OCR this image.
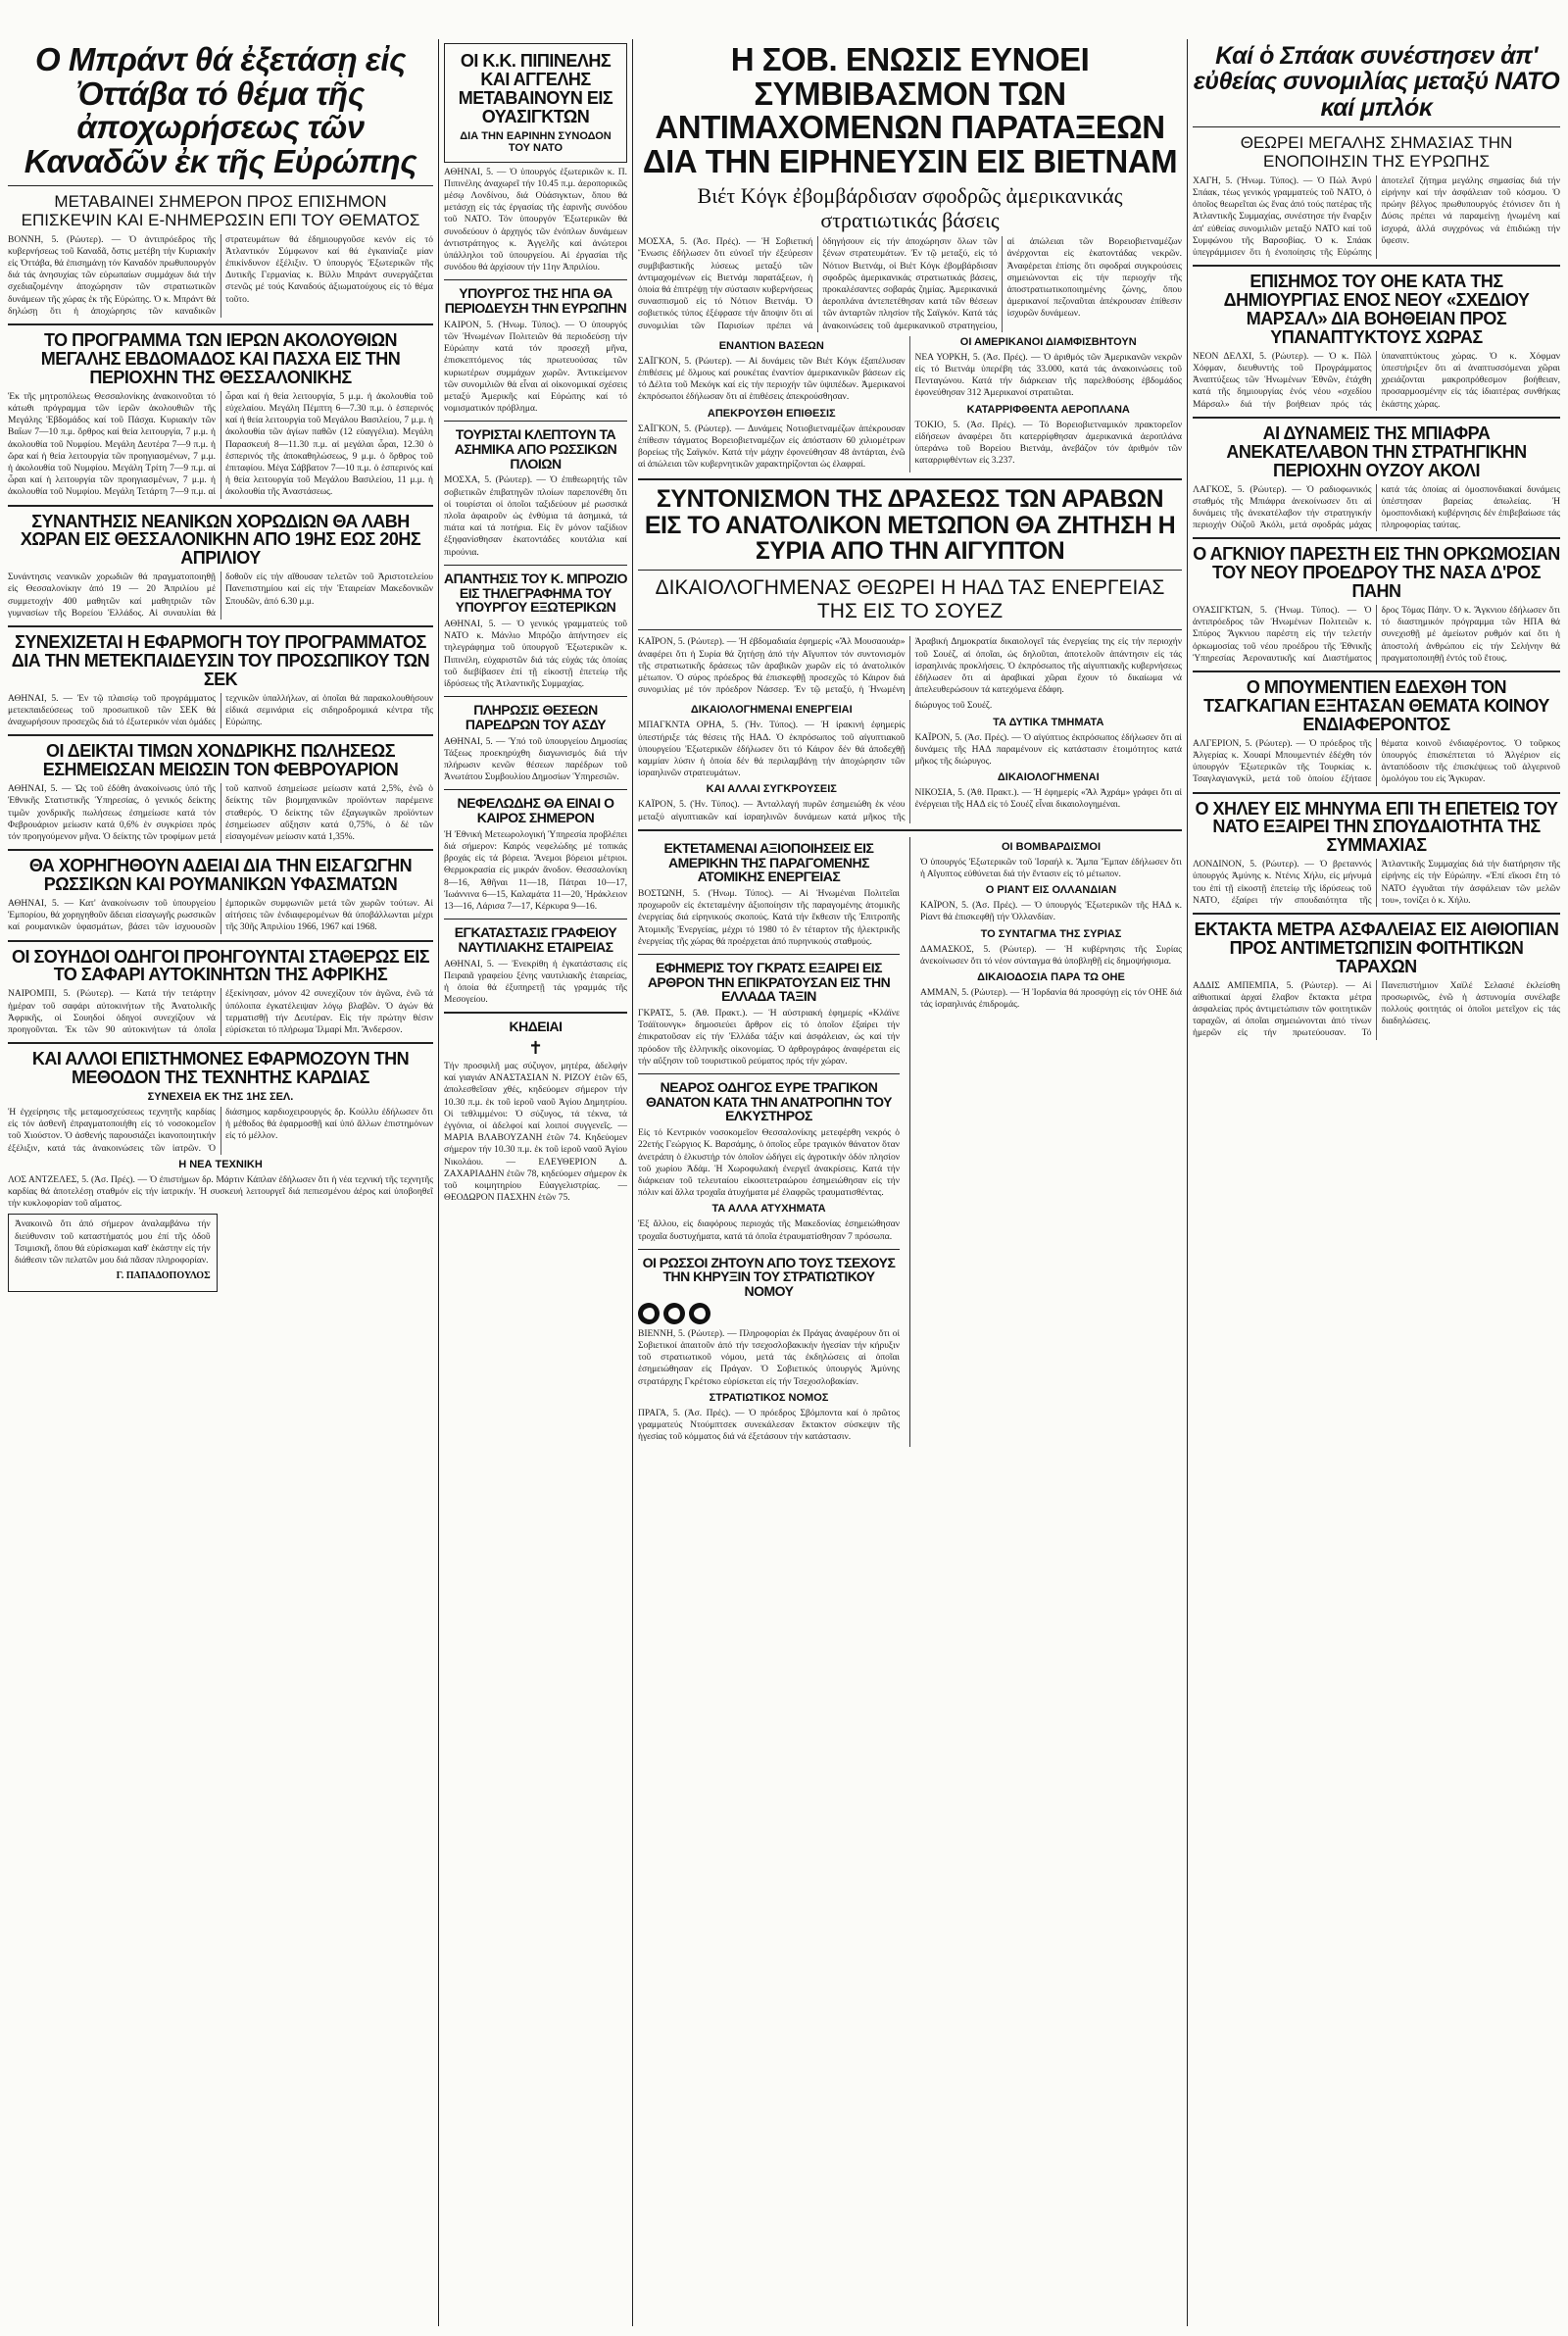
Ο Μπράντ θά ἐξετάσῃ εἰς Ὀττάβα τό θέμα τῆς ἀποχωρήσεως τῶν Καναδῶν ἐκ τῆς Εὐρώπης
ΜΕΤΑΒΑΙΝΕΙ ΣΗΜΕΡΟΝ ΠΡΟΣ ΕΠΙΣΗΜΟΝ ΕΠΙΣΚΕΨΙΝ ΚΑΙ Ε-ΝΗΜΕΡΩΣΙΝ ΕΠΙ ΤΟΥ ΘΕΜΑΤΟΣ
ΒΟΝΝΗ, 5. (Ρώυτερ). — Ὁ ἀντιπρόεδρος τῆς κυβερνήσεως τοῦ Καναδᾶ, ὅστις μετέβη τήν Κυριακήν εἰς Ὀττάβα, θά ἐπισημάνῃ τόν Καναδόν πρωθυπουργόν διά τάς ἀνησυχίας τῶν εὐρωπαίων συμμάχων διά τήν σχεδιαζομένην ἀποχώρησιν τῶν στρατιωτικῶν δυνάμεων τῆς χώρας ἐκ τῆς Εὐρώπης. Ὁ κ. Μπράντ θά δηλώσῃ ὅτι ἡ ἀποχώρησις τῶν καναδικῶν στρατευμάτων θά ἐδημιουργοῦσε κενόν εἰς τό Ἀτλαντικόν Σύμφωνον καί θά ἐγκαινίαζε μίαν ἐπικίνδυνον ἐξέλιξιν. Ὁ ὑπουργός Ἐξωτερικῶν τῆς Δυτικῆς Γερμανίας κ. Βίλλυ Μπράντ συνεργάζεται στενῶς μέ τούς Καναδούς ἀξιωματούχους εἰς τό θέμα τοῦτο.
ΤΟ ΠΡΟΓΡΑΜΜΑ ΤΩΝ ΙΕΡΩΝ ΑΚΟΛΟΥΘΙΩΝ ΜΕΓΑΛΗΣ ΕΒΔΟΜΑΔΟΣ ΚΑΙ ΠΑΣΧΑ ΕΙΣ ΤΗΝ ΠΕΡΙΟΧΗΝ ΤΗΣ ΘΕΣΣΑΛΟΝΙΚΗΣ
Ἐκ τῆς μητροπόλεως Θεσσαλονίκης ἀνακοινοῦται τό κάτωθι πρόγραμμα τῶν ἱερῶν ἀκολουθιῶν τῆς Μεγάλης Ἑβδομάδος καί τοῦ Πάσχα. Κυριακήν τῶν Βαΐων 7—10 π.μ. ὄρθρος καί θεία λειτουργία, 7 μ.μ. ἡ ἀκολουθία τοῦ Νυμφίου. Μεγάλη Δευτέρα 7—9 π.μ. ἡ ὥρα καί ἡ θεία λειτουργία τῶν προηγιασμένων, 7 μ.μ. ἡ ἀκολουθία τοῦ Νυμφίου. Μεγάλη Τρίτη 7—9 π.μ. αἱ ὧραι καί ἡ λειτουργία τῶν προηγιασμένων, 7 μ.μ. ἡ ἀκολουθία τοῦ Νυμφίου. Μεγάλη Τετάρτη 7—9 π.μ. αἱ ὧραι καί ἡ θεία λειτουργία, 5 μ.μ. ἡ ἀκολουθία τοῦ εὐχελαίου. Μεγάλη Πέμπτη 6—7.30 π.μ. ὁ ἑσπερινός καί ἡ θεία λειτουργία τοῦ Μεγάλου Βασιλείου, 7 μ.μ. ἡ ἀκολουθία τῶν ἁγίων παθῶν (12 εὐαγγέλια). Μεγάλη Παρασκευή 8—11.30 π.μ. αἱ μεγάλαι ὧραι, 12.30 ὁ ἑσπερινός τῆς ἀποκαθηλώσεως, 9 μ.μ. ὁ ὄρθρος τοῦ ἐπιταφίου. Μέγα Σάββατον 7—10 π.μ. ὁ ἑσπερινός καί ἡ θεία λειτουργία τοῦ Μεγάλου Βασιλείου, 11 μ.μ. ἡ ἀκολουθία τῆς Ἀναστάσεως.
ΣΥΝΑΝΤΗΣΙΣ ΝΕΑΝΙΚΩΝ ΧΟΡΩΔΙΩΝ ΘΑ ΛΑΒΗ ΧΩΡΑΝ ΕΙΣ ΘΕΣΣΑΛΟΝΙΚΗΝ ΑΠΟ 19ΗΣ ΕΩΣ 20ΗΣ ΑΠΡΙΛΙΟΥ
Συνάντησις νεανικῶν χορωδιῶν θά πραγματοποιηθῇ εἰς Θεσσαλονίκην ἀπό 19 — 20 Ἀπριλίου μέ συμμετοχήν 400 μαθητῶν καί μαθητριῶν τῶν γυμνασίων τῆς Βορείου Ἑλλάδος. Αἱ συναυλίαι θά δοθοῦν εἰς τήν αἴθουσαν τελετῶν τοῦ Ἀριστοτελείου Πανεπιστημίου καί εἰς τήν Ἑταιρείαν Μακεδονικῶν Σπουδῶν, ἀπό 6.30 μ.μ.
ΣΥΝΕΧΙΖΕΤΑΙ Η ΕΦΑΡΜΟΓΗ ΤΟΥ ΠΡΟΓΡΑΜΜΑΤΟΣ ΔΙΑ ΤΗΝ ΜΕΤΕΚΠΑΙΔΕΥΣΙΝ ΤΟΥ ΠΡΟΣΩΠΙΚΟΥ ΤΩΝ ΣΕΚ
ΑΘΗΝΑΙ, 5. — Ἐν τῷ πλαισίῳ τοῦ προγράμματος μετεκπαιδεύσεως τοῦ προσωπικοῦ τῶν ΣΕΚ θά ἀναχωρήσουν προσεχῶς διά τό ἐξωτερικόν νέαι ὁμάδες τεχνικῶν ὑπαλλήλων, αἱ ὁποῖαι θά παρακολουθήσουν εἰδικά σεμινάρια εἰς σιδηροδρομικά κέντρα τῆς Εὐρώπης.
ΟΙ ΔΕΙΚΤΑΙ ΤΙΜΩΝ ΧΟΝΔΡΙΚΗΣ ΠΩΛΗΣΕΩΣ ΕΣΗΜΕΙΩΣΑΝ ΜΕΙΩΣΙΝ ΤΟΝ ΦΕΒΡΟΥΑΡΙΟΝ
ΑΘΗΝΑΙ, 5. — Ὡς τοῦ ἐδόθη ἀνακοίνωσις ὑπό τῆς Ἐθνικῆς Στατιστικῆς Ὑπηρεσίας, ὁ γενικός δείκτης τιμῶν χονδρικῆς πωλήσεως ἐσημείωσε κατά τόν Φεβρουάριον μείωσιν κατά 0,6% ἐν συγκρίσει πρός τόν προηγούμενον μῆνα. Ὁ δείκτης τῶν τροφίμων μετά τοῦ καπνοῦ ἐσημείωσε μείωσιν κατά 2,5%, ἐνῶ ὁ δείκτης τῶν βιομηχανικῶν προϊόντων παρέμεινε σταθερός. Ὁ δείκτης τῶν ἐξαγωγικῶν προϊόντων ἐσημείωσεν αὔξησιν κατά 0,75%, ὁ δέ τῶν εἰσαγομένων μείωσιν κατά 1,35%.
ΘΑ ΧΟΡΗΓΗΘΟΥΝ ΑΔΕΙΑΙ ΔΙΑ ΤΗΝ ΕΙΣΑΓΩΓΗΝ ΡΩΣΣΙΚΩΝ ΚΑΙ ΡΟΥΜΑΝΙΚΩΝ ΥΦΑΣΜΑΤΩΝ
ΑΘΗΝΑΙ, 5. — Κατ' ἀνακοίνωσιν τοῦ ὑπουργείου Ἐμπορίου, θά χορηγηθοῦν ἄδειαι εἰσαγωγῆς ρωσσικῶν καί ρουμανικῶν ὑφασμάτων, βάσει τῶν ἰσχυουσῶν ἐμπορικῶν συμφωνιῶν μετά τῶν χωρῶν τούτων. Αἱ αἰτήσεις τῶν ἐνδιαφερομένων θά ὑποβάλλωνται μέχρι τῆς 30ῆς Ἀπριλίου 1966, 1967 καί 1968.
ΟΙ ΣΟΥΗΔΟΙ ΟΔΗΓΟΙ ΠΡΟΗΓΟΥΝΤΑΙ ΣΤΑΘΕΡΩΣ ΕΙΣ ΤΟ ΣΑΦΑΡΙ ΑΥΤΟΚΙΝΗΤΩΝ ΤΗΣ ΑΦΡΙΚΗΣ
ΝΑΙΡΟΜΠΙ, 5. (Ρώυτερ). — Κατά τήν τετάρτην ἡμέραν τοῦ σαφάρι αὐτοκινήτων τῆς Ἀνατολικῆς Ἀφρικῆς, οἱ Σουηδοί ὁδηγοί συνεχίζουν νά προηγοῦνται. Ἐκ τῶν 90 αὐτοκινήτων τά ὁποῖα ἐξεκίνησαν, μόνον 42 συνεχίζουν τόν ἀγῶνα, ἐνῶ τά ὑπόλοιπα ἐγκατέλειψαν λόγῳ βλαβῶν. Ὁ ἀγών θά τερματισθῇ τήν Δευτέραν. Εἰς τήν πρώτην θέσιν εὑρίσκεται τό πλήρωμα Ἰλμαρί Μπ. Ἄνδερσον.
ΚΑΙ ΑΛΛΟΙ ΕΠΙΣΤΗΜΟΝΕΣ ΕΦΑΡΜΟΖΟΥΝ ΤΗΝ ΜΕΘΟΔΟΝ ΤΗΣ ΤΕΧΝΗΤΗΣ ΚΑΡΔΙΑΣ
ΣΥΝΕΧΕΙΑ ΕΚ ΤΗΣ 1ΗΣ ΣΕΛ.
Ἡ ἐγχείρησις τῆς μεταμοσχεύσεως τεχνητῆς καρδίας εἰς τόν ἀσθενῆ ἐπραγματοποιήθη εἰς τό νοσοκομεῖον τοῦ Χιούστον. Ὁ ἀσθενής παρουσιάζει ἱκανοποιητικήν ἐξέλιξιν, κατά τάς ἀνακοινώσεις τῶν ἰατρῶν. Ὁ διάσημος καρδιοχειρουργός δρ. Κούλλυ ἐδήλωσεν ὅτι ἡ μέθοδος θά ἐφαρμοσθῇ καί ὑπό ἄλλων ἐπιστημόνων εἰς τό μέλλον.
Η ΝΕΑ ΤΕΧΝΙΚΗ
ΛΟΣ ΑΝΤΖΕΛΕΣ, 5. (Ἀσ. Πρές). — Ὁ ἐπιστήμων δρ. Μάρτιν Κάπλαν ἐδήλωσεν ὅτι ἡ νέα τεχνική τῆς τεχνητῆς καρδίας θά ἀποτελέσῃ σταθμόν εἰς τήν ἰατρικήν. Ἡ συσκευή λειτουργεῖ διά πεπιεσμένου ἀέρος καί ὑποβοηθεῖ τήν κυκλοφορίαν τοῦ αἵματος.
Ἀνακοινῶ ὅτι ἀπό σήμερον ἀναλαμβάνω τήν διεύθυνσιν τοῦ καταστήματός μου ἐπί τῆς ὁδοῦ Τσιμισκῆ, ὅπου θά εὑρίσκωμαι καθ' ἑκάστην εἰς τήν διάθεσιν τῶν πελατῶν μου διά πᾶσαν πληροφορίαν.
Γ. ΠΑΠΑΔΟΠΟΥΛΟΣ
ΟΙ Κ.Κ. ΠΙΠΙΝΕΛΗΣ ΚΑΙ ΑΓΓΕΛΗΣ ΜΕΤΑΒΑΙΝΟΥΝ ΕΙΣ ΟΥΑΣΙΓΚΤΩΝ
ΔΙΑ ΤΗΝ ΕΑΡΙΝΗΝ ΣΥΝΟΔΟΝ ΤΟΥ ΝΑΤΟ
ΑΘΗΝΑΙ, 5. — Ὁ ὑπουργός ἐξωτερικῶν κ. Π. Πιπινέλης ἀναχωρεῖ τήν 10.45 π.μ. ἀεροπορικῶς μέσῳ Λονδίνου, διά Οὐάσιγκτων, ὅπου θά μετάσχῃ εἰς τάς ἐργασίας τῆς ἐαρινῆς συνόδου τοῦ ΝΑΤΟ. Τόν ὑπουργόν Ἐξωτερικῶν θά συνοδεύουν ὁ ἀρχηγός τῶν ἐνόπλων δυνάμεων ἀντιστράτηγος κ. Ἀγγελῆς καί ἀνώτεροι ὑπάλληλοι τοῦ ὑπουργείου. Αἱ ἐργασίαι τῆς συνόδου θά ἀρχίσουν τήν 11ην Ἀπριλίου.
ΥΠΟΥΡΓΟΣ ΤΗΣ ΗΠΑ ΘΑ ΠΕΡΙΟΔΕΥΣΗ ΤΗΝ ΕΥΡΩΠΗΝ
ΚΑΙΡΟΝ, 5. (Ἡνωμ. Τύπος). — Ὁ ὑπουργός τῶν Ἡνωμένων Πολιτειῶν θά περιοδεύσῃ τήν Εὐρώπην κατά τόν προσεχῆ μῆνα, ἐπισκεπτόμενος τάς πρωτευούσας τῶν κυριωτέρων συμμάχων χωρῶν. Ἀντικείμενον τῶν συνομιλιῶν θά εἶναι αἱ οἰκονομικαί σχέσεις μεταξύ Ἀμερικῆς καί Εὐρώπης καί τό νομισματικόν πρόβλημα.
ΤΟΥΡΙΣΤΑΙ ΚΛΕΠΤΟΥΝ ΤΑ ΑΣΗΜΙΚΑ ΑΠΟ ΡΩΣΣΙΚΩΝ ΠΛΟΙΩΝ
ΜΟΣΧΑ, 5. (Ρώυτερ). — Ὁ ἐπιθεωρητής τῶν σοβιετικῶν ἐπιβατηγῶν πλοίων παρεπονέθη ὅτι οἱ τουρίσται οἱ ὁποῖοι ταξιδεύουν μέ ρωσσικά πλοῖα ἀφαιροῦν ὡς ἐνθύμια τά ἀσημικά, τά πιάτα καί τά ποτήρια. Εἰς ἓν μόνον ταξίδιον ἐξηφανίσθησαν ἑκατοντάδες κουτάλια καί πιρούνια.
ΑΠΑΝΤΗΣΙΣ ΤΟΥ Κ. ΜΠΡΟΖΙΟ ΕΙΣ ΤΗΛΕΓΡΑΦΗΜΑ ΤΟΥ ΥΠΟΥΡΓΟΥ ΕΞΩΤΕΡΙΚΩΝ
ΑΘΗΝΑΙ, 5. — Ὁ γενικός γραμματεύς τοῦ ΝΑΤΟ κ. Μάνλιο Μπρόζιο ἀπήντησεν εἰς τηλεγράφημα τοῦ ὑπουργοῦ Ἐξωτερικῶν κ. Πιπινέλη, εὐχαριστῶν διά τάς εὐχάς τάς ὁποίας τοῦ διεβίβασεν ἐπί τῇ εἰκοστῇ ἐπετείῳ τῆς ἱδρύσεως τῆς Ἀτλαντικῆς Συμμαχίας.
ΠΛΗΡΩΣΙΣ ΘΕΣΕΩΝ ΠΑΡΕΔΡΩΝ ΤΟΥ ΑΣΔΥ
ΑΘΗΝΑΙ, 5. — Ὑπό τοῦ ὑπουργείου Δημοσίας Τάξεως προεκηρύχθη διαγωνισμός διά τήν πλήρωσιν κενῶν θέσεων παρέδρων τοῦ Ἀνωτάτου Συμβουλίου Δημοσίων Ὑπηρεσιῶν.
ΝΕΦΕΛΩΔΗΣ ΘΑ ΕΙΝΑΙ Ο ΚΑΙΡΟΣ ΣΗΜΕΡΟΝ
Ἡ Ἐθνική Μετεωρολογική Ὑπηρεσία προβλέπει διά σήμερον: Καιρός νεφελώδης μέ τοπικάς βροχάς εἰς τά βόρεια. Ἄνεμοι βόρειοι μέτριοι. Θερμοκρασία εἰς μικράν ἄνοδον. Θεσσαλονίκη 8—16, Ἀθῆναι 11—18, Πάτραι 10—17, Ἰωάννινα 6—15, Καλαμάτα 11—20, Ἡράκλειον 13—16, Λάρισα 7—17, Κέρκυρα 9—16.
ΕΓΚΑΤΑΣΤΑΣΙΣ ΓΡΑΦΕΙΟΥ ΝΑΥΤΙΛΙΑΚΗΣ ΕΤΑΙΡΕΙΑΣ
ΑΘΗΝΑΙ, 5. — Ἐνεκρίθη ἡ ἐγκατάστασις εἰς Πειραιᾶ γραφείου ξένης ναυτιλιακῆς ἐταιρείας, ἡ ὁποία θά ἐξυπηρετῇ τάς γραμμάς τῆς Μεσογείου.
ΚΗΔΕΙΑΙ
✝
Τήν προσφιλῆ μας σύζυγον, μητέρα, ἀδελφήν καί γιαγιάν ΑΝΑΣΤΑΣΙΑΝ Ν. ΡΙΖΟΥ ἐτῶν 65, ἀπολεσθεῖσαν χθές, κηδεύομεν σήμερον τήν 10.30 π.μ. ἐκ τοῦ ἱεροῦ ναοῦ Ἁγίου Δημητρίου. Οἱ τεθλιμμένοι: Ὁ σύζυγος, τά τέκνα, τά ἐγγόνια, οἱ ἀδελφοί καί λοιποί συγγενεῖς. — ΜΑΡΙΑ ΒΛΑΒΟΥΖΑΝΗ ἐτῶν 74. Κηδεύομεν σήμερον τήν 10.30 π.μ. ἐκ τοῦ ἱεροῦ ναοῦ Ἁγίου Νικολάου. — ΕΛΕΥΘΕΡΙΟΝ Δ. ΖΑΧΑΡΙΑΔΗΝ ἐτῶν 78, κηδεύομεν σήμερον ἐκ τοῦ κοιμητηρίου Εὐαγγελιστρίας. — ΘΕΟΔΩΡΟΝ ΠΑΣΧΗΝ ἐτῶν 75.
Η ΣΟΒ. ΕΝΩΣΙΣ ΕΥΝΟΕΙ ΣΥΜΒΙΒΑΣΜΟΝ ΤΩΝ ΑΝΤΙΜΑΧΟΜΕΝΩΝ ΠΑΡΑΤΑΞΕΩΝ ΔΙΑ ΤΗΝ ΕΙΡΗΝΕΥΣΙΝ ΕΙΣ ΒΙΕΤΝΑΜ
Βιέτ Κόγκ ἐβομβάρδισαν σφοδρῶς ἀμερικανικάς στρατιωτικάς βάσεις
ΜΟΣΧΑ, 5. (Ἀσ. Πρές). — Ἡ Σοβιετική Ἕνωσις ἐδήλωσεν ὅτι εὐνοεῖ τήν ἐξεύρεσιν συμβιβαστικῆς λύσεως μεταξύ τῶν ἀντιμαχομένων εἰς Βιετνάμ παρατάξεων, ἡ ὁποία θά ἐπιτρέψῃ τήν σύστασιν κυβερνήσεως συνασπισμοῦ εἰς τό Νότιον Βιετνάμ. Ὁ σοβιετικός τύπος ἐξέφρασε τήν ἄποψιν ὅτι αἱ συνομιλίαι τῶν Παρισίων πρέπει νά ὁδηγήσουν εἰς τήν ἀποχώρησιν ὅλων τῶν ξένων στρατευμάτων. Ἐν τῷ μεταξύ, εἰς τό Νότιον Βιετνάμ, οἱ Βιέτ Κόγκ ἐβομβάρδισαν σφοδρῶς ἀμερικανικάς στρατιωτικάς βάσεις, προκαλέσαντες σοβαράς ζημίας. Ἀμερικανικά ἀεροπλάνα ἀντεπετέθησαν κατά τῶν θέσεων τῶν ἀνταρτῶν πλησίον τῆς Σαϊγκόν. Κατά τάς ἀνακοινώσεις τοῦ ἀμερικανικοῦ στρατηγείου, αἱ ἀπώλειαι τῶν Βορειοβιετναμέζων ἀνέρχονται εἰς ἑκατοντάδας νεκρῶν. Ἀναφέρεται ἐπίσης ὅτι σφοδραί συγκρούσεις σημειώνονται εἰς τήν περιοχήν τῆς ἀποστρατιωτικοποιημένης ζώνης, ὅπου ἀμερικανοί πεζοναῦται ἀπέκρουσαν ἐπίθεσιν ἰσχυρῶν δυνάμεων.
ΕΝΑΝΤΙΟΝ ΒΑΣΕΩΝ
ΣΑΪΓΚΟΝ, 5. (Ρώυτερ). — Αἱ δυνάμεις τῶν Βιέτ Κόγκ ἐξαπέλυσαν ἐπιθέσεις μέ ὅλμους καί ρουκέτας ἐναντίον ἀμερικανικῶν βάσεων εἰς τό Δέλτα τοῦ Μεκόγκ καί εἰς τήν περιοχήν τῶν ὑψιπέδων. Ἀμερικανοί ἐκπρόσωποι ἐδήλωσαν ὅτι αἱ ἐπιθέσεις ἀπεκρούσθησαν.
ΑΠΕΚΡΟΥΣΘΗ ΕΠΙΘΕΣΙΣ
ΣΑΪΓΚΟΝ, 5. (Ρώυτερ). — Δυνάμεις Νοτιοβιετναμέζων ἀπέκρουσαν ἐπίθεσιν τάγματος Βορειοβιετναμέζων εἰς ἀπόστασιν 60 χιλιομέτρων βορείως τῆς Σαϊγκόν. Κατά τήν μάχην ἐφονεύθησαν 48 ἀντάρται, ἐνῶ αἱ ἀπώλειαι τῶν κυβερνητικῶν χαρακτηρίζονται ὡς ἐλαφραί.
ΟΙ ΑΜΕΡΙΚΑΝΟΙ ΔΙΑΜΦΙΣΒΗΤΟΥΝ
ΝΕΑ ΥΟΡΚΗ, 5. (Ἀσ. Πρές). — Ὁ ἀριθμός τῶν Ἀμερικανῶν νεκρῶν εἰς τό Βιετνάμ ὑπερέβη τάς 33.000, κατά τάς ἀνακοινώσεις τοῦ Πενταγώνου. Κατά τήν διάρκειαν τῆς παρελθούσης ἑβδομάδος ἐφονεύθησαν 312 Ἀμερικανοί στρατιῶται.
ΚΑΤΑΡΡΙΦΘΕΝΤΑ ΑΕΡΟΠΛΑΝΑ
ΤΟΚΙΟ, 5. (Ἀσ. Πρές). — Τό Βορειοβιετναμικόν πρακτορεῖον εἰδήσεων ἀναφέρει ὅτι κατερρίφθησαν ἀμερικανικά ἀεροπλάνα ὑπεράνω τοῦ Βορείου Βιετνάμ, ἀνεβάζον τόν ἀριθμόν τῶν καταρριφθέντων εἰς 3.237.
ΣΥΝΤΟΝΙΣΜΟΝ ΤΗΣ ΔΡΑΣΕΩΣ ΤΩΝ ΑΡΑΒΩΝ ΕΙΣ ΤΟ ΑΝΑΤΟΛΙΚΟΝ ΜΕΤΩΠΟΝ ΘΑ ΖΗΤΗΣΗ Η ΣΥΡΙΑ ΑΠΟ ΤΗΝ ΑΙΓΥΠΤΟΝ
ΔΙΚΑΙΟΛΟΓΗΜΕΝΑΣ ΘΕΩΡΕΙ Η ΗΑΔ ΤΑΣ ΕΝΕΡΓΕΙΑΣ ΤΗΣ ΕΙΣ ΤΟ ΣΟΥΕΖ
ΚΑΪΡΟΝ, 5. (Ρώυτερ). — Ἡ ἐβδομαδιαία ἐφημερίς «Ἄλ Μουσαουάρ» ἀναφέρει ὅτι ἡ Συρία θά ζητήσῃ ἀπό τήν Αἴγυπτον τόν συντονισμόν τῆς στρατιωτικῆς δράσεως τῶν ἀραβικῶν χωρῶν εἰς τό ἀνατολικόν μέτωπον. Ὁ σύρος πρόεδρος θά ἐπισκεφθῇ προσεχῶς τό Κάιρον διά συνομιλίας μέ τόν πρόεδρον Νάσσερ. Ἐν τῷ μεταξύ, ἡ Ἡνωμένη Ἀραβική Δημοκρατία δικαιολογεῖ τάς ἐνεργείας της εἰς τήν περιοχήν τοῦ Σουέζ, αἱ ὁποῖαι, ὡς δηλοῦται, ἀποτελοῦν ἀπάντησιν εἰς τάς ἰσραηλινάς προκλήσεις. Ὁ ἐκπρόσωπος τῆς αἰγυπτιακῆς κυβερνήσεως ἐδήλωσεν ὅτι αἱ ἀραβικαί χῶραι ἔχουν τό δικαίωμα νά ἀπελευθερώσουν τά κατεχόμενα ἐδάφη.
ΔΙΚΑΙΟΛΟΓΗΜΕΝΑΙ ΕΝΕΡΓΕΙΑΙ
ΜΠΑΓΚΝΤΑ ΟΡΗΑ, 5. (Ἡν. Τύπος). — Ἡ ἰρακινή ἐφημερίς ὑπεστήριξε τάς θέσεις τῆς ΗΑΔ. Ὁ ἐκπρόσωπος τοῦ αἰγυπτιακοῦ ὑπουργείου Ἐξωτερικῶν ἐδήλωσεν ὅτι τό Κάιρον δέν θά ἀποδεχθῇ καμμίαν λύσιν ἡ ὁποία δέν θά περιλαμβάνῃ τήν ἀποχώρησιν τῶν ἰσραηλινῶν στρατευμάτων.
ΚΑΙ ΑΛΛΑΙ ΣΥΓΚΡΟΥΣΕΙΣ
ΚΑΪΡΟΝ, 5. (Ἡν. Τύπος). — Ἀνταλλαγή πυρῶν ἐσημειώθη ἐκ νέου μεταξύ αἰγυπτιακῶν καί ἰσραηλινῶν δυνάμεων κατά μῆκος τῆς διώρυγος τοῦ Σουέζ.
ΤΑ ΔΥΤΙΚΑ ΤΜΗΜΑΤΑ
ΚΑΪΡΟΝ, 5. (Ἀσ. Πρές). — Ὁ αἰγύπτιος ἐκπρόσωπος ἐδήλωσεν ὅτι αἱ δυνάμεις τῆς ΗΑΔ παραμένουν εἰς κατάστασιν ἑτοιμότητος κατά μῆκος τῆς διώρυγος.
ΔΙΚΑΙΟΛΟΓΗΜΕΝΑΙ
ΝΙΚΟΣΙΑ, 5. (Ἀθ. Πρακτ.). — Ἡ ἐφημερίς «Ἄλ Ἀχράμ» γράφει ὅτι αἱ ἐνέργειαι τῆς ΗΑΔ εἰς τό Σουέζ εἶναι δικαιολογημέναι.
ΕΚΤΕΤΑΜΕΝΑΙ ΑΞΙΟΠΟΙΗΣΕΙΣ ΕΙΣ ΑΜΕΡΙΚΗΝ ΤΗΣ ΠΑΡΑΓΟΜΕΝΗΣ ΑΤΟΜΙΚΗΣ ΕΝΕΡΓΕΙΑΣ
ΒΟΣΤΩΝΗ, 5. (Ἡνωμ. Τύπος). — Αἱ Ἡνωμέναι Πολιτεῖαι προχωροῦν εἰς ἐκτεταμένην ἀξιοποίησιν τῆς παραγομένης ἀτομικῆς ἐνεργείας διά εἰρηνικούς σκοπούς. Κατά τήν ἔκθεσιν τῆς Ἐπιτροπῆς Ἀτομικῆς Ἐνεργείας, μέχρι τό 1980 τό ἓν τέταρτον τῆς ἠλεκτρικῆς ἐνεργείας τῆς χώρας θά προέρχεται ἀπό πυρηνικούς σταθμούς.
ΕΦΗΜΕΡΙΣ ΤΟΥ ΓΚΡΑΤΣ ΕΞΑΙΡΕΙ ΕΙΣ ΑΡΘΡΟΝ ΤΗΝ ΕΠΙΚΡΑΤΟΥΣΑΝ ΕΙΣ ΤΗΝ ΕΛΛΑΔΑ ΤΑΞΙΝ
ΓΚΡΑΤΣ, 5. (Ἀθ. Πρακτ.). — Ἡ αὐστριακή ἐφημερίς «Κλάϊνε Τσάϊτουνγκ» δημοσιεύει ἄρθρον εἰς τό ὁποῖον ἐξαίρει τήν ἐπικρατοῦσαν εἰς τήν Ἑλλάδα τάξιν καί ἀσφάλειαν, ὡς καί τήν πρόοδον τῆς ἑλληνικῆς οἰκονομίας. Ὁ ἀρθρογράφος ἀναφέρεται εἰς τήν αὔξησιν τοῦ τουριστικοῦ ρεύματος πρός τήν χώραν.
ΝΕΑΡΟΣ ΟΔΗΓΟΣ ΕΥΡΕ ΤΡΑΓΙΚΟΝ ΘΑΝΑΤΟΝ ΚΑΤΑ ΤΗΝ ΑΝΑΤΡΟΠΗΝ ΤΟΥ ΕΛΚΥΣΤΗΡΟΣ
Εἰς τό Κεντρικόν νοσοκομεῖον Θεσσαλονίκης μετεφέρθη νεκρός ὁ 22ετής Γεώργιος Κ. Βαρσάμης, ὁ ὁποῖος εὗρε τραγικόν θάνατον ὅταν ἀνετράπη ὁ ἑλκυστήρ τόν ὁποῖον ὡδήγει εἰς ἀγροτικήν ὁδόν πλησίον τοῦ χωρίου Ἀδάμ. Ἡ Χωροφυλακή ἐνεργεῖ ἀνακρίσεις. Κατά τήν διάρκειαν τοῦ τελευταίου εἰκοσιτετραώρου ἐσημειώθησαν εἰς τήν πόλιν καί ἄλλα τροχαῖα ἀτυχήματα μέ ἐλαφρῶς τραυματισθέντας.
ΤΑ ΑΛΛΑ ΑΤΥΧΗΜΑΤΑ
Ἐξ ἄλλου, εἰς διαφόρους περιοχάς τῆς Μακεδονίας ἐσημειώθησαν τροχαῖα δυστυχήματα, κατά τά ὁποῖα ἐτραυματίσθησαν 7 πρόσωπα.
ΟΙ ΡΩΣΣΟΙ ΖΗΤΟΥΝ ΑΠΟ ΤΟΥΣ ΤΣΕΧΟΥΣ ΤΗΝ ΚΗΡΥΞΙΝ ΤΟΥ ΣΤΡΑΤΙΩΤΙΚΟΥ ΝΟΜΟΥ
ΒΙΕΝΝΗ, 5. (Ρώυτερ). — Πληροφορίαι ἐκ Πράγας ἀναφέρουν ὅτι οἱ Σοβιετικοί ἀπαιτοῦν ἀπό τήν τσεχοσλοβακικήν ἡγεσίαν τήν κήρυξιν τοῦ στρατιωτικοῦ νόμου, μετά τάς ἐκδηλώσεις αἱ ὁποῖαι ἐσημειώθησαν εἰς Πράγαν. Ὁ Σοβιετικός ὑπουργός Ἀμύνης στρατάρχης Γκρέτσκο εὑρίσκεται εἰς τήν Τσεχοσλοβακίαν.
ΣΤΡΑΤΙΩΤΙΚΟΣ ΝΟΜΟΣ
ΠΡΑΓΑ, 5. (Ἀσ. Πρές). — Ὁ πρόεδρος Σβόμποντα καί ὁ πρῶτος γραμματεύς Ντούμπτσεκ συνεκάλεσαν ἔκτακτον σύσκεψιν τῆς ἡγεσίας τοῦ κόμματος διά νά ἐξετάσουν τήν κατάστασιν.
ΟΙ ΒΟΜΒΑΡΔΙΣΜΟΙ
Ὁ ὑπουργός Ἐξωτερικῶν τοῦ Ἰσραήλ κ. Ἄμπα Ἔμπαν ἐδήλωσεν ὅτι ἡ Αἴγυπτος εὐθύνεται διά τήν ἔντασιν εἰς τό μέτωπον.
Ο ΡΙΑΝΤ ΕΙΣ ΟΛΛΑΝΔΙΑΝ
ΚΑΪΡΟΝ, 5. (Ἀσ. Πρές). — Ὁ ὑπουργός Ἐξωτερικῶν τῆς ΗΑΔ κ. Ρίαντ θά ἐπισκεφθῇ τήν Ὁλλανδίαν.
ΤΟ ΣΥΝΤΑΓΜΑ ΤΗΣ ΣΥΡΙΑΣ
ΔΑΜΑΣΚΟΣ, 5. (Ρώυτερ). — Ἡ κυβέρνησις τῆς Συρίας ἀνεκοίνωσεν ὅτι τό νέον σύνταγμα θά ὑποβληθῇ εἰς δημοψήφισμα.
ΔΙΚΑΙΟΔΟΣΙΑ ΠΑΡΑ ΤΩ ΟΗΕ
ΑΜΜΑΝ, 5. (Ρώυτερ). — Ἡ Ἰορδανία θά προσφύγῃ εἰς τόν ΟΗΕ διά τάς ἰσραηλινάς ἐπιδρομάς.
Καί ὁ Σπάακ συνέστησεν ἀπ' εὐθείας συνομιλίας μεταξύ ΝΑΤΟ καί μπλόκ
ΘΕΩΡΕΙ ΜΕΓΑΛΗΣ ΣΗΜΑΣΙΑΣ ΤΗΝ ΕΝΟΠΟΙΗΣΙΝ ΤΗΣ ΕΥΡΩΠΗΣ
ΧΑΓΗ, 5. (Ἡνωμ. Τύπος). — Ὁ Πώλ Ἀνρύ Σπάακ, τέως γενικός γραμματεύς τοῦ ΝΑΤΟ, ὁ ὁποῖος θεωρεῖται ὡς ἕνας ἀπό τούς πατέρας τῆς Ἀτλαντικῆς Συμμαχίας, συνέστησε τήν ἔναρξιν ἀπ' εὐθείας συνομιλιῶν μεταξύ ΝΑΤΟ καί τοῦ Συμφώνου τῆς Βαρσοβίας. Ὁ κ. Σπάακ ὑπεγράμμισεν ὅτι ἡ ἐνοποίησις τῆς Εὐρώπης ἀποτελεῖ ζήτημα μεγάλης σημασίας διά τήν εἰρήνην καί τήν ἀσφάλειαν τοῦ κόσμου. Ὁ πρώην βέλγος πρωθυπουργός ἐτόνισεν ὅτι ἡ Δύσις πρέπει νά παραμείνῃ ἡνωμένη καί ἰσχυρά, ἀλλά συγχρόνως νά ἐπιδιώκῃ τήν ὕφεσιν.
ΕΠΙΣΗΜΟΣ ΤΟΥ ΟΗΕ ΚΑΤΑ ΤΗΣ ΔΗΜΙΟΥΡΓΙΑΣ ΕΝΟΣ ΝΕΟΥ «ΣΧΕΔΙΟΥ ΜΑΡΣΑΛ» ΔΙΑ ΒΟΗΘΕΙΑΝ ΠΡΟΣ ΥΠΑΝΑΠΤΥΚΤΟΥΣ ΧΩΡΑΣ
ΝΕΟΝ ΔΕΛΧΙ, 5. (Ρώυτερ). — Ὁ κ. Πῶλ Χόφμαν, διευθυντής τοῦ Προγράμματος Ἀναπτύξεως τῶν Ἡνωμένων Ἐθνῶν, ἐτάχθη κατά τῆς δημιουργίας ἑνός νέου «σχεδίου Μάρσαλ» διά τήν βοήθειαν πρός τάς ὑπαναπτύκτους χώρας. Ὁ κ. Χόφμαν ὑπεστήριξεν ὅτι αἱ ἀναπτυσσόμεναι χῶραι χρειάζονται μακροπρόθεσμον βοήθειαν, προσαρμοσμένην εἰς τάς ἰδιαιτέρας συνθήκας ἑκάστης χώρας.
ΑΙ ΔΥΝΑΜΕΙΣ ΤΗΣ ΜΠΙΑΦΡΑ ΑΝΕΚΑΤΕΛΑΒΟΝ ΤΗΝ ΣΤΡΑΤΗΓΙΚΗΝ ΠΕΡΙΟΧΗΝ ΟΥΖΟΥ ΑΚΟΛΙ
ΛΑΓΚΟΣ, 5. (Ρώυτερ). — Ὁ ραδιοφωνικός σταθμός τῆς Μπιάφρα ἀνεκοίνωσεν ὅτι αἱ δυνάμεις τῆς ἀνεκατέλαβον τήν στρατηγικήν περιοχήν Οὐζοῦ Ἀκόλι, μετά σφοδράς μάχας κατά τάς ὁποίας αἱ ὁμοσπονδιακαί δυνάμεις ὑπέστησαν βαρείας ἀπωλείας. Ἡ ὁμοσπονδιακή κυβέρνησις δέν ἐπιβεβαίωσε τάς πληροφορίας ταύτας.
Ο ΑΓΚΝΙΟΥ ΠΑΡΕΣΤΗ ΕΙΣ ΤΗΝ ΟΡΚΩΜΟΣΙΑΝ ΤΟΥ ΝΕΟΥ ΠΡΟΕΔΡΟΥ ΤΗΣ ΝΑΣΑ Δ'ΡΟΣ ΠΑΗΝ
ΟΥΑΣΙΓΚΤΩΝ, 5. (Ἡνωμ. Τύπος). — Ὁ ἀντιπρόεδρος τῶν Ἡνωμένων Πολιτειῶν κ. Σπύρος Ἄγκνιου παρέστη εἰς τήν τελετήν ὁρκωμοσίας τοῦ νέου προέδρου τῆς Ἐθνικῆς Ὑπηρεσίας Ἀεροναυτικῆς καί Διαστήματος δρος Τόμας Πάην. Ὁ κ. Ἄγκνιου ἐδήλωσεν ὅτι τό διαστημικόν πρόγραμμα τῶν ΗΠΑ θά συνεχισθῇ μέ ἀμείωτον ρυθμόν καί ὅτι ἡ ἀποστολή ἀνθρώπου εἰς τήν Σελήνην θά πραγματοποιηθῇ ἐντός τοῦ ἔτους.
Ο ΜΠΟΥΜΕΝΤΙΕΝ ΕΔΕΧΘΗ ΤΟΝ ΤΣΑΓΚΑΓΙΑΝ ΕΞΗΤΑΣΑΝ ΘΕΜΑΤΑ ΚΟΙΝΟΥ ΕΝΔΙΑΦΕΡΟΝΤΟΣ
ΑΛΓΕΡΙΟΝ, 5. (Ρώυτερ). — Ὁ πρόεδρος τῆς Ἀλγερίας κ. Χουαρί Μπουμεντιέν ἐδέχθη τόν ὑπουργόν Ἐξωτερικῶν τῆς Τουρκίας κ. Τσαγλαγιανγκίλ, μετά τοῦ ὁποίου ἐξήτασε θέματα κοινοῦ ἐνδιαφέροντος. Ὁ τοῦρκος ὑπουργός ἐπισκέπτεται τό Ἀλγέριον εἰς ἀνταπόδοσιν τῆς ἐπισκέψεως τοῦ ἀλγερινοῦ ὁμολόγου του εἰς Ἄγκυραν.
Ο ΧΗΛΕΥ ΕΙΣ ΜΗΝΥΜΑ ΕΠΙ ΤΗ ΕΠΕΤΕΙΩ ΤΟΥ ΝΑΤΟ ΕΞΑΙΡΕΙ ΤΗΝ ΣΠΟΥΔΑΙΟΤΗΤΑ ΤΗΣ ΣΥΜΜΑΧΙΑΣ
ΛΟΝΔΙΝΟΝ, 5. (Ρώυτερ). — Ὁ βρεταννός ὑπουργός Ἀμύνης κ. Ντένις Χήλυ, εἰς μήνυμά του ἐπί τῇ εἰκοστῇ ἐπετείῳ τῆς ἱδρύσεως τοῦ ΝΑΤΟ, ἐξαίρει τήν σπουδαιότητα τῆς Ἀτλαντικῆς Συμμαχίας διά τήν διατήρησιν τῆς εἰρήνης εἰς τήν Εὐρώπην. «Ἐπί εἴκοσι ἔτη τό ΝΑΤΟ ἐγγυᾶται τήν ἀσφάλειαν τῶν μελῶν του», τονίζει ὁ κ. Χήλυ.
ΕΚΤΑΚΤΑ ΜΕΤΡΑ ΑΣΦΑΛΕΙΑΣ ΕΙΣ ΑΙΘΙΟΠΙΑΝ ΠΡΟΣ ΑΝΤΙΜΕΤΩΠΙΣΙΝ ΦΟΙΤΗΤΙΚΩΝ ΤΑΡΑΧΩΝ
ΑΔΔΙΣ ΑΜΠΕΜΠΑ, 5. (Ρώυτερ). — Αἱ αἰθιοπικαί ἀρχαί ἔλαβον ἔκτακτα μέτρα ἀσφαλείας πρός ἀντιμετώπισιν τῶν φοιτητικῶν ταραχῶν, αἱ ὁποῖαι σημειώνονται ἀπό τίνων ἡμερῶν εἰς τήν πρωτεύουσαν. Τό Πανεπιστήμιον Χαϊλέ Σελασιέ ἐκλείσθη προσωρινῶς, ἐνῶ ἡ ἀστυνομία συνέλαβε πολλούς φοιτητάς οἱ ὁποῖοι μετεῖχον εἰς τάς διαδηλώσεις.
